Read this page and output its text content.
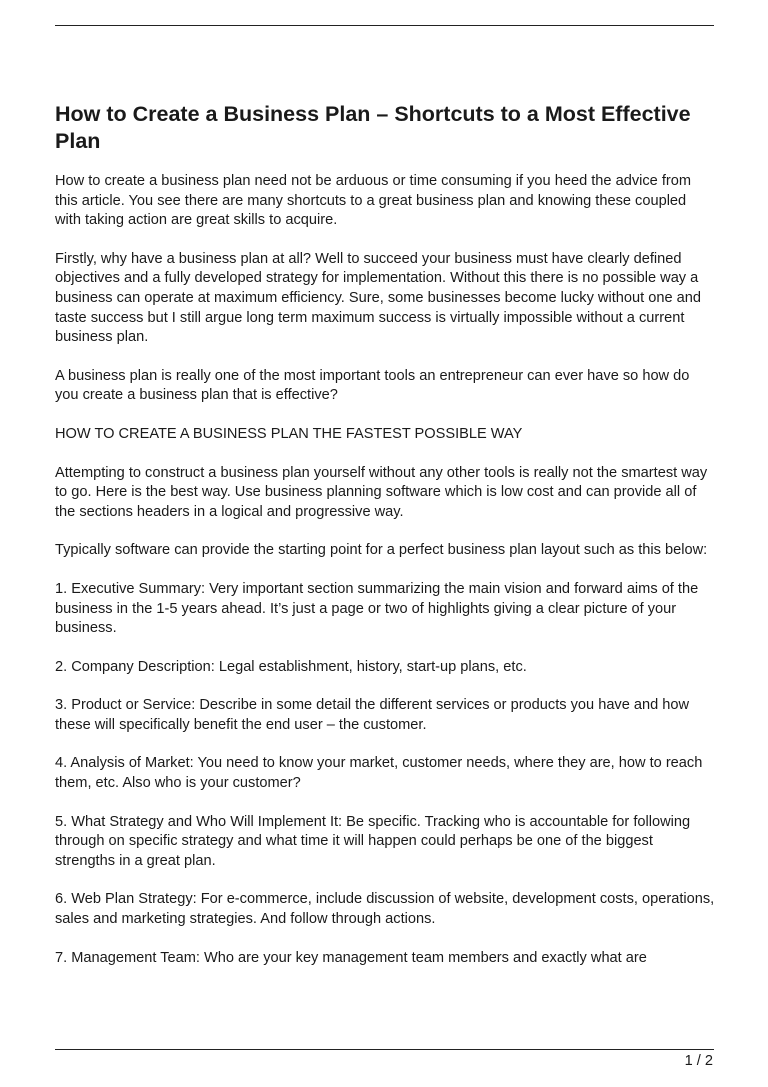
How to Create a Business Plan – Shortcuts to a Most Effective Plan

How to create a business plan need not be arduous or time consuming if you heed the advice from this article. You see there are many shortcuts to a great business plan and knowing these coupled with taking action are great skills to acquire.

Firstly, why have a business plan at all? Well to succeed your business must have clearly defined objectives and a fully developed strategy for implementation. Without this there is no possible way a business can operate at maximum efficiency. Sure, some businesses become lucky without one and taste success but I still argue long term maximum success is virtually impossible without a current business plan.

A business plan is really one of the most important tools an entrepreneur can ever have so how do you create a business plan that is effective?

HOW TO CREATE A BUSINESS PLAN THE FASTEST POSSIBLE WAY

Attempting to construct a business plan yourself without any other tools is really not the smartest way to go. Here is the best way. Use business planning software which is low cost and can provide all of the sections headers in a logical and progressive way.

Typically software can provide the starting point for a perfect business plan layout such as this below:

1. Executive Summary: Very important section summarizing the main vision and forward aims of the business in the 1-5 years ahead. It’s just a page or two of highlights giving a clear picture of your business.

2. Company Description: Legal establishment, history, start-up plans, etc.

3. Product or Service: Describe in some detail the different services or products you have and how these will specifically benefit the end user – the customer.

4. Analysis of Market: You need to know your market, customer needs, where they are, how to reach them, etc. Also who is your customer?

5. What Strategy and Who Will Implement It: Be specific. Tracking who is accountable for following through on specific strategy and what time it will happen could perhaps be one of the biggest strengths in a great plan.

6. Web Plan Strategy: For e-commerce, include discussion of website, development costs, operations, sales and marketing strategies. And follow through actions.

7. Management Team: Who are your key management team members and exactly what are

1 / 2
